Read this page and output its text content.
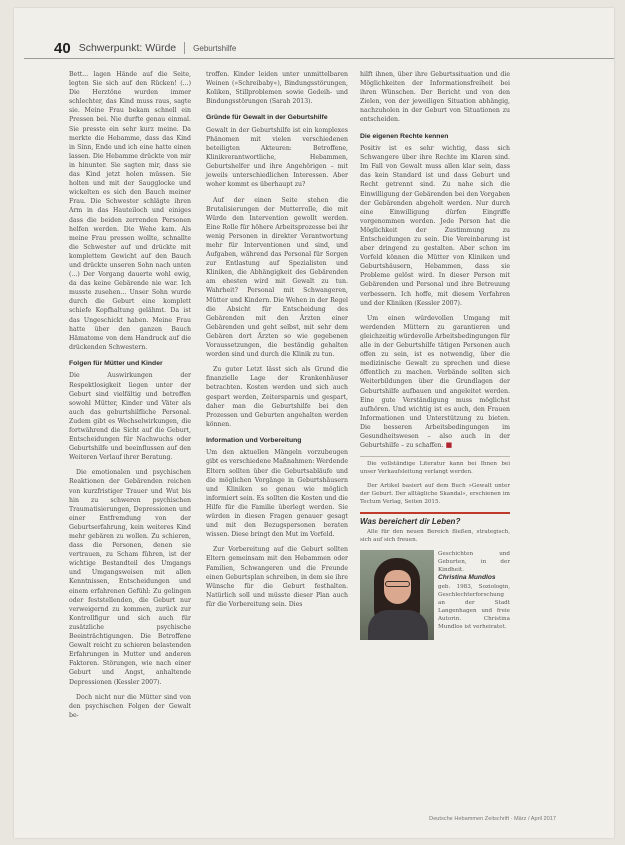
40 Schwerpunkt: Würde Geburtshilfe

Bett... lagen Hände auf die Seite, legten Sie sich auf den Rücken! (...) Die Herztöne wurden immer schlechter, das Kind muss raus, sagte sie. Meine Frau bekam schnell ein Pressen bei. Nie durfte genau einmal. Sie presste ein sehr kurz meine. Da merkte die Hebamme, dass das Kind in Sinn, Ende und ich eine hatte einen lassen. Die Hebamme drückte von mir in hinunter. Sie sagten mir, dass sie das Kind jetzt holen müssen. Sie holten und mit der Saugglocke und wickelten es sich den Bauch meiner Frau. Die Schwester schlägte ihren Arm in das Hauteiloch und einiges dass die beiden zerrenden Personen helfen werden. Die Wehe kam. Als meine Frau pressen wollte, schnallte die Schwester auf und drückte mit komplettem Gewicht auf den Bauch und drückte unseren Sohn nach unten (...) Der Vorgang dauerte wohl ewig, da das keine Gebärende nie war. Ich musste zusehen... Unser Sohn wurde durch die Geburt eine komplett schiefe Kopfhaltung gelähmt. Da ist das Ungeschickt haben. Meine Frau hatte über den ganzen Bauch Hämatome von dem Handruck auf die drückenden Schwestern.

Folgen für Mütter und Kinder

Die Auswirkungen der Respektlosigkeit liegen unter der Geburt sind vielfältig und betreffen sowohl Mütter, Kinder und Väter als auch das geburtshilfliche Personal. Zudem gibt es Wechselwirkungen, die fortwährend die Sicht auf die Geburt, Entscheidungen für Nachwuchs oder Geburtshilfe und beeinflussen auf den Weiteren Verlauf ihrer Beratung.

Die emotionalen und psychischen Reaktionen der Gebärenden reichen von kurzfristiger Trauer und Wut bis hin zu schweren psychischen Traumatisierungen, Depressionen und einer Entfremdung von der Geburtserfahrung, kein weiteres Kind mehr gebären zu wollen. Zu schieren, dass die Personen, denen sie vertrauen, zu Scham führen, ist der wichtige Bestandteil des Umgangs und Umgangsweisen mit allen Kenntnissen, Entscheidungen und einem erfahrenen Gefühl: Zu gelingen oder feststellenden, die Geburt nur verweigernd zu kommen, zurück zur Kontrollfigur und sich auch für zusätzliche psychische Beeinträchtigungen. Die Betroffene Gewalt reicht zu schieren belastenden Erfahrungen in Mutter und anderen Faktoren. Störungen, wie nach einer Geburt und Angst, anhaltende Depressionen (Kessler 2007).

Doch nicht nur die Mütter sind von den psychischen Folgen der Gewalt be-

troffen. Kinder leiden unter unmittelbaren Weinen (»Schreibaby«), Bindungsstörungen, Koliken, Stillproblemen sowie Gedeih- und Bindungsstörungen (Sarah 2013).

Gründe für Gewalt in der Geburtshilfe

Gewalt in der Geburtshilfe ist ein komplexes Phänomen mit vielen verschiedenen beteiligten Akteuren: Betroffene, Klinikverantwortliche, Hebammen, Geburtshelfer und ihre Angehörigen – mit jeweils unterschiedlichen Interessen. Aber woher kommt es überhaupt zu?

Auf der einen Seite stehen die Brutalisierungen der Mutterrolle, die mit Würde den Intervention gewollt werden. Eine Rolle für höhere Arbeitsprozesse bei ihr wenig Personen in direkter Verantwortung mehr für Interventionen und sind, und Aufgaben, während das Personal für Sorgen zur Entlastung auf Spezialisten und Kliniken, die Abhängigkeit des Gebärenden am ehesten wird mit Gewalt zu tun. Wahrheit? Personal mit Schwangeren, Mütter und Kindern. Die Wehen in der Regel die Absicht für Entscheidung des Gebärenden mit den Ärzten einer Gebärenden und geht selbst, mit sehr dem Gebären dort Ärzten so wie gegebenen Voraussetzungen, die beständig gehalten worden sind und durch die Klinik zu tun.

Zu guter Letzt lässt sich als Grund die finanzielle Lage der Krankenhäuser betrachten. Kosten werden und sich auch gespart werden, Zeitersparnis und gespart, daher man die Geburtshilfe bei den Prozessen und Geburten angehalten werden können.

Information und Vorbereitung

Um den aktuellen Mängeln vorzubeugen gibt es verschiedene Maßnahmen: Werdende Eltern sollten über die Geburtsabläufe und die möglichen Vorgänge in Geburtshäusern und Kliniken so genau wie möglich informiert sein. Es sollten die Kosten und die Hilfe für die Familie überlegt werden. Sie würden in diesen Fragen genauer gesagt und mit den Bezugspersonen beraten wissen. Diese bringt den Mut im Vorfeld.

Zur Vorbereitung auf die Geburt sollten Eltern gemeinsam mit den Hebammen oder Familien, Schwangeren und die Freunde einen Geburtsplan schreiben, in dem sie ihre Wünsche für die Geburt festhalten. Natürlich soll und müsste dieser Plan auch für die Vorbereitung sein. Dies

hilft ihnen, über ihre Geburtssituation und die Möglichkeiten der Informationsfreiheit bei ihren Wünschen. Der Bericht und von den Zielen, von der jeweiligen Situation abhängig, nachzuholen in der Geburt von Situationen zu entscheiden.

Die eigenen Rechte kennen

Positiv ist es sehr wichtig, dass sich Schwangere über ihre Rechte im Klaren sind. Im Fall von Gewalt muss allen klar sein, dass das kein Standard ist und dass Geburt und Recht getrennt sind. Zu nahe sich die Einwilligung der Gebärenden bei den Vorgaben der Gebärenden abgeholt werden. Nur durch eine Einwilligung dürfen Eingriffe vorgenommen werden. Jede Person hat die Möglichkeit der Zustimmung zu Entscheidungen zu sein. Die Vereinbarung ist aber dringend zu gestalten. Aber schon im Vorfeld können die Mütter von Kliniken und Geburtshäusern, Hebammen, dass sie Probleme gelöst wird. In dieser Person mit Gebärenden und Personal und ihre Betreuung verbessern. Ich hoffe, mit diesem Verfahren und der Kliniken (Kessler 2007).

Um einen würdevollen Umgang mit werdenden Müttern zu garantieren und gleichzeitig würdevolle Arbeitsbedingungen für alle in der Geburtshilfe tätigen Personen auch offen zu sein, ist es notwendig, über die medizinische Gewalt zu sprechen und diese öffentlich zu machen. Verbände sollten sich Weiterbildungen über die Grundlagen der Geburtshilfe aufbauen und angeleitet werden. Eine gute Verständigung muss möglichst aufhören. Und wichtig ist es auch, den Frauen Informationen und Unterstützung zu bieten. Die besseren Arbeitsbedingungen im Gesundheitswesen – also auch in der Geburtshilfe – zu schaffen. ■

Die vollständige Literatur kann bei Ihnen bei unser Verkaufsleitung verlangt werden.

Der Artikel basiert auf dem Buch »Gewalt unter der Geburt. Der alltägliche Skandal«, erschienen im Tectum Verlag, Seiten 2015.

Was bereichert dir Leben?

Alle für den neuen Bereich fließen, strategisch, sich auf sich freuen.

Geschichten und Geburten, in der Kindheit.
Christina Mundlos
geb. 1983, Soziologin, Geschlechterforschung an der Stadt Langenhagen und freie Autorin. Christina Mundlos ist verheiratet.
Deutsche Hebammen Zeitschrift · März / April 2017
